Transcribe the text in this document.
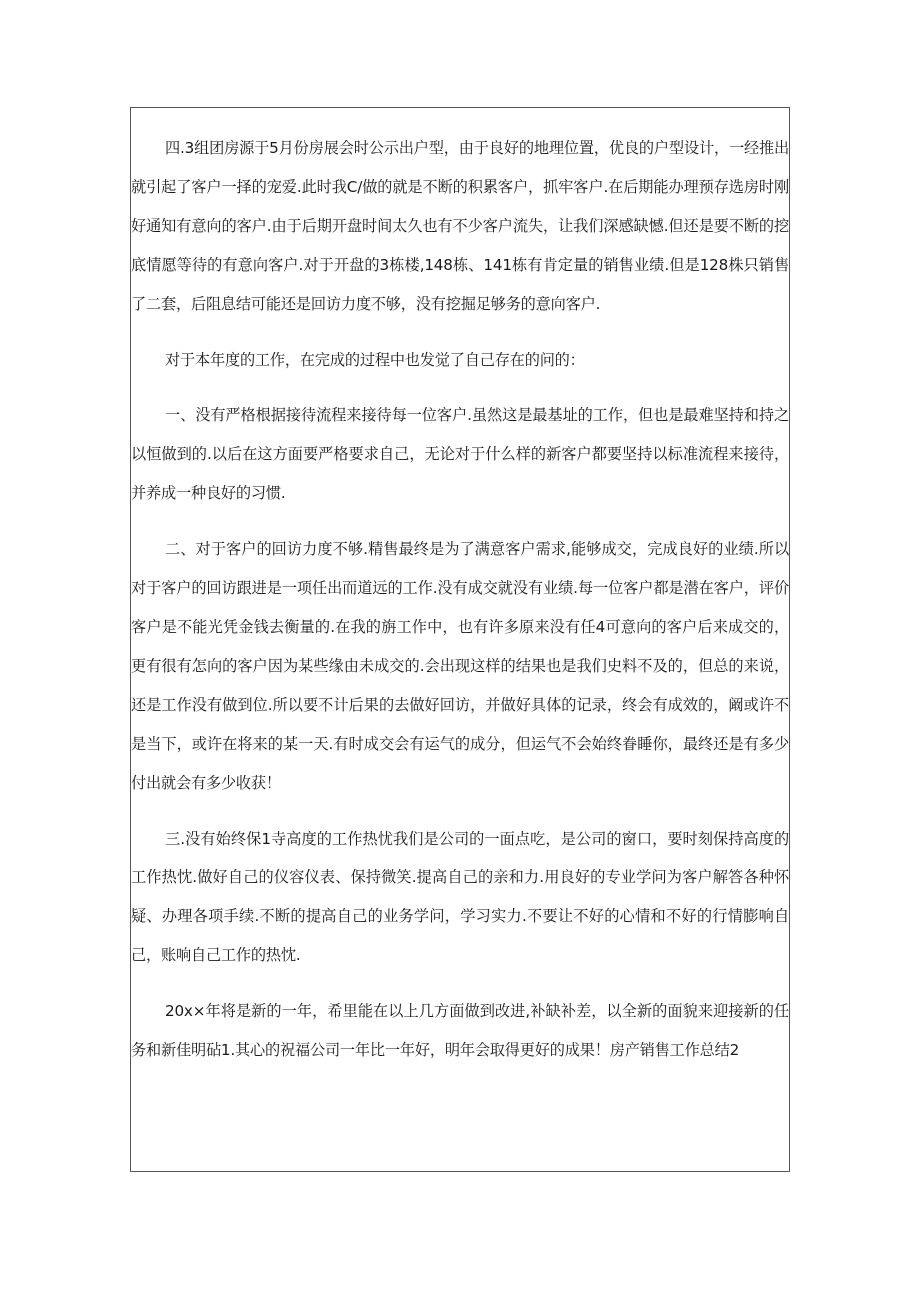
四.3组团房源于5月份房展会时公示出户型，由于良好的地理位置，优良的户型设计，一经推出就引起了客户一择的宠爱.此时我C/做的就是不断的积累客户，抓牢客户.在后期能办理预存选房时刚好通知有意向的客户.由于后期开盘时间太久也有不少客户流失，让我们深感缺憾.但还是要不断的挖底情愿等待的有意向客户.对于开盘的3栋楼,148栋、141栋有肯定量的销售业绩.但是128株只销售了二套，后阻息结可能还是回访力度不够，没有挖掘足够务的意向客户.

对于本年度的工作，在完成的过程中也发觉了自己存在的问的：

一、没有严格根据接待流程来接待每一位客户.虽然这是最基址的工作，但也是最难坚持和持之以恒做到的.以后在这方面要严格要求自己，无论对于什么样的新客户都要坚持以标准流程来接待，并养成一种良好的习惯.

二、对于客户的回访力度不够.精售最终是为了满意客户需求,能够成交，完成良好的业绩.所以对于客户的回访跟进是一项任出而道远的工作.没有成交就没有业绩.每一位客户都是潜在客户，评价客户是不能光凭金钱去衡量的.在我的旃工作中，也有许多原来没有任4可意向的客户后来成交的，更有很有怎向的客户因为某些缘由未成交的.会出现这样的结果也是我们史料不及的，但总的来说，还是工作没有做到位.所以要不计后果的去做好回访，并做好具体的记录，终会有成效的，阚或许不是当下，或许在将来的某一天.有时成交会有运气的成分，但运气不会始终眷睡你，最终还是有多少付出就会有多少收获！

三.没有始终保1寺高度的工作热忧我们是公司的一面点吃，是公司的窗口，要时刻保持高度的工作热忱.做好自己的仪容仪表、保持微笑.提高自己的亲和力.用良好的专业学问为客户解答各种怀疑、办理各项手续.不断的提高自己的业务学问，学习实力.不要让不好的心情和不好的行情膨响自己，账响自己工作的热忱.

20x×年将是新的一年，希里能在以上几方面做到改进,补缺补差，以全新的面貌来迎接新的任务和新佳明砧1.其心的祝福公司一年比一年好，明年会取得更好的成果！房产销售工作总结2
